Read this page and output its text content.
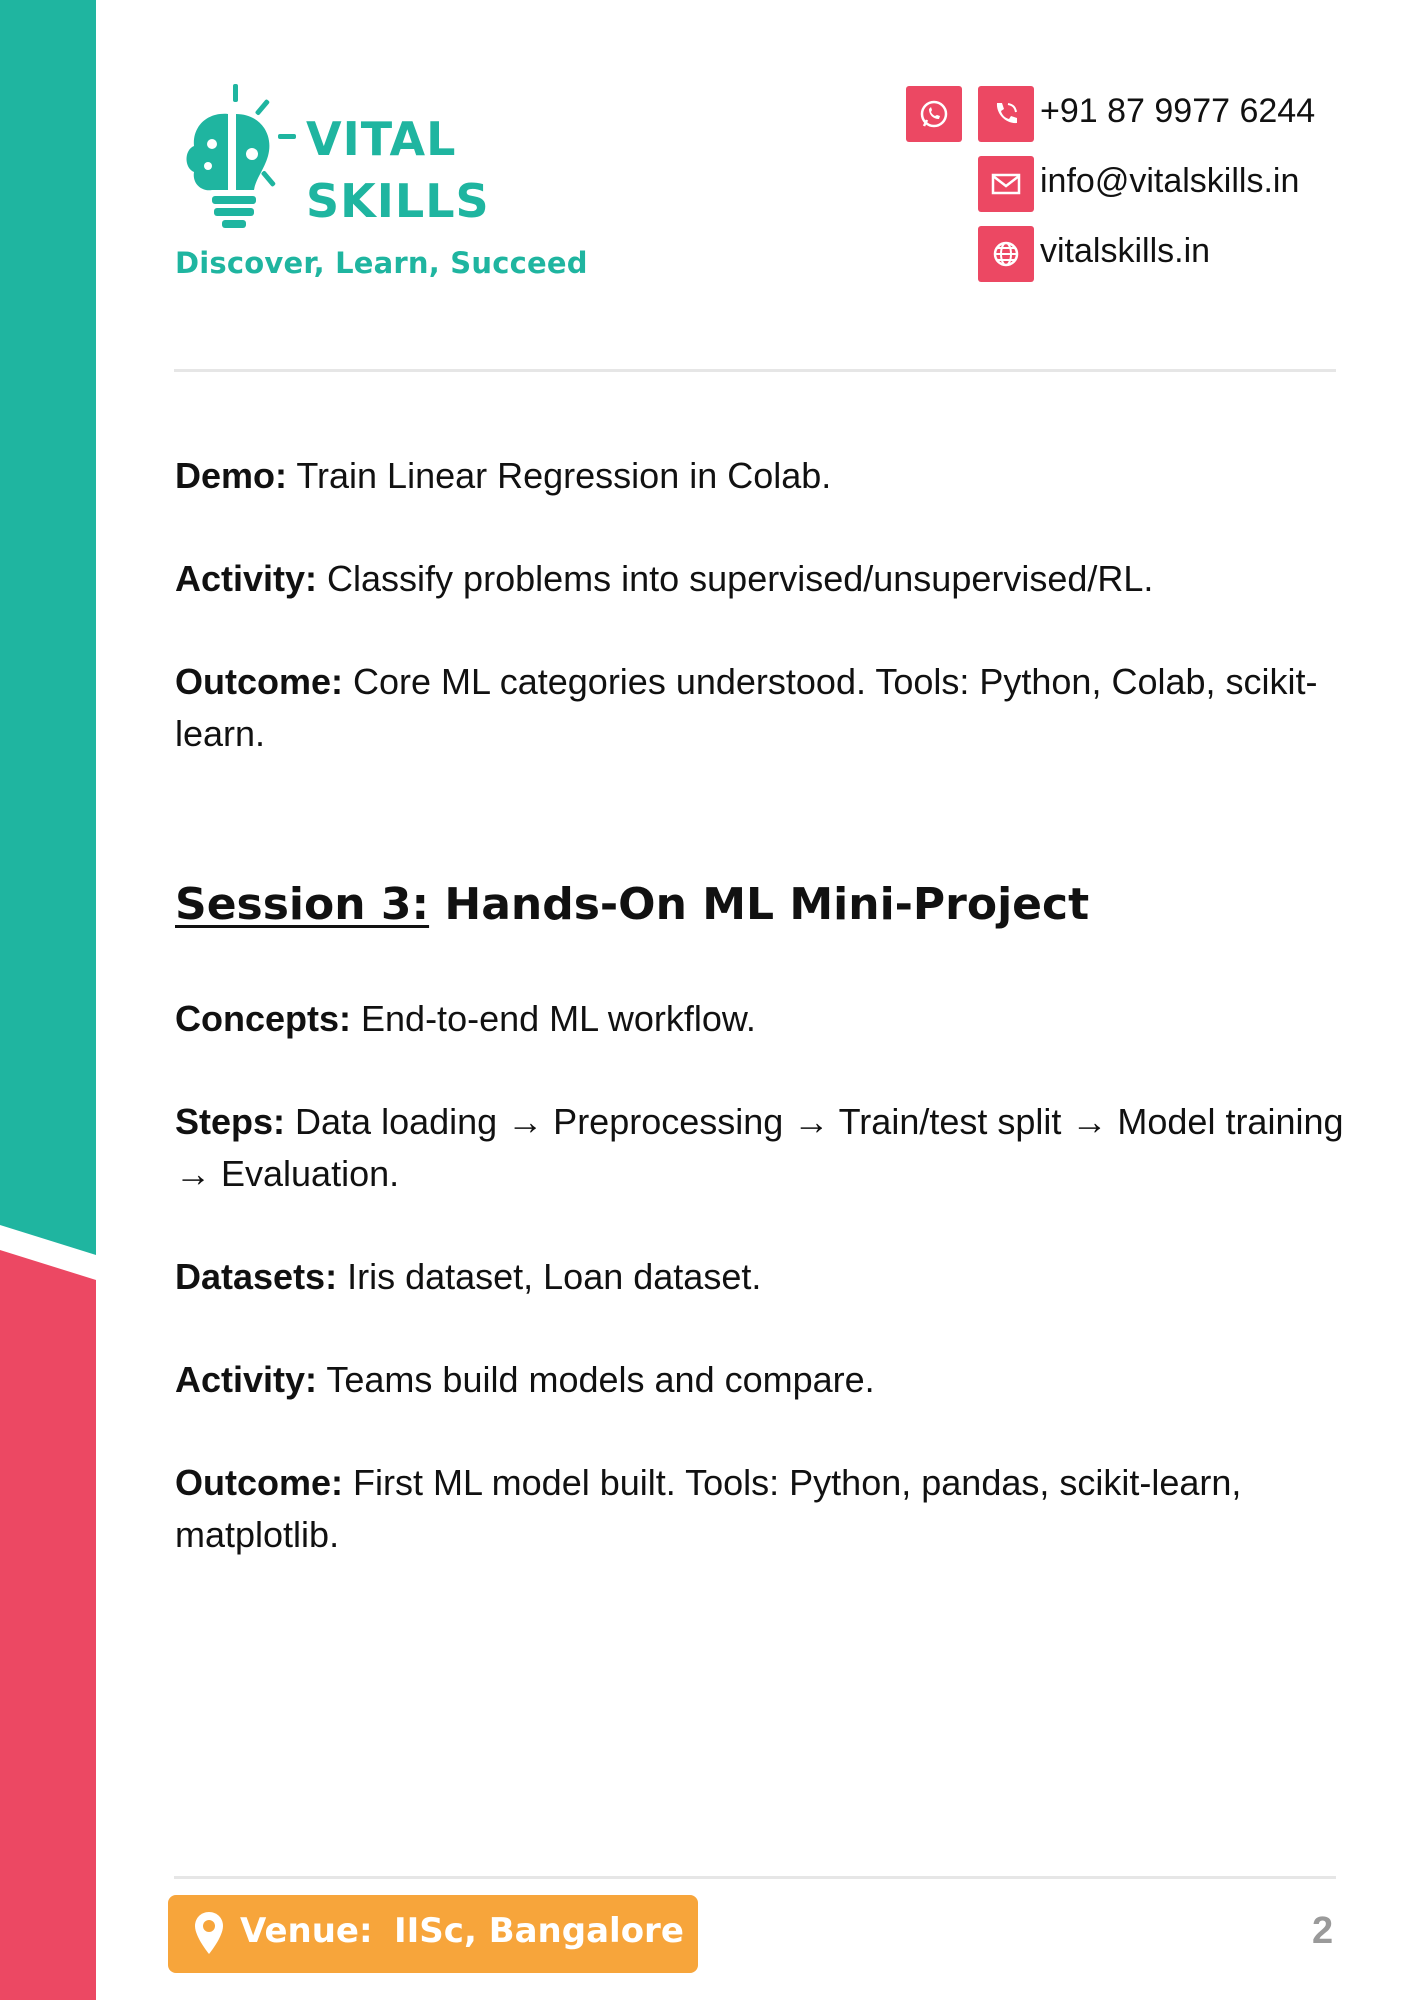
VITAL
SKILLS
Discover, Learn, Succeed
+91 87 9977 6244
info@vitalskills.in
vitalskills.in

Demo: Train Linear Regression in Colab.

Activity: Classify problems into supervised/unsupervised/RL.

Outcome: Core ML categories understood. Tools: Python, Colab, scikit-learn.

Session 3: Hands-On ML Mini-Project

Concepts: End-to-end ML workflow.

Steps: Data loading → Preprocessing → Train/test split → Model training → Evaluation.

Datasets: Iris dataset, Loan dataset.

Activity: Teams build models and compare.

Outcome: First ML model built. Tools: Python, pandas, scikit-learn, matplotlib.

Venue: IISc, Bangalore	2
